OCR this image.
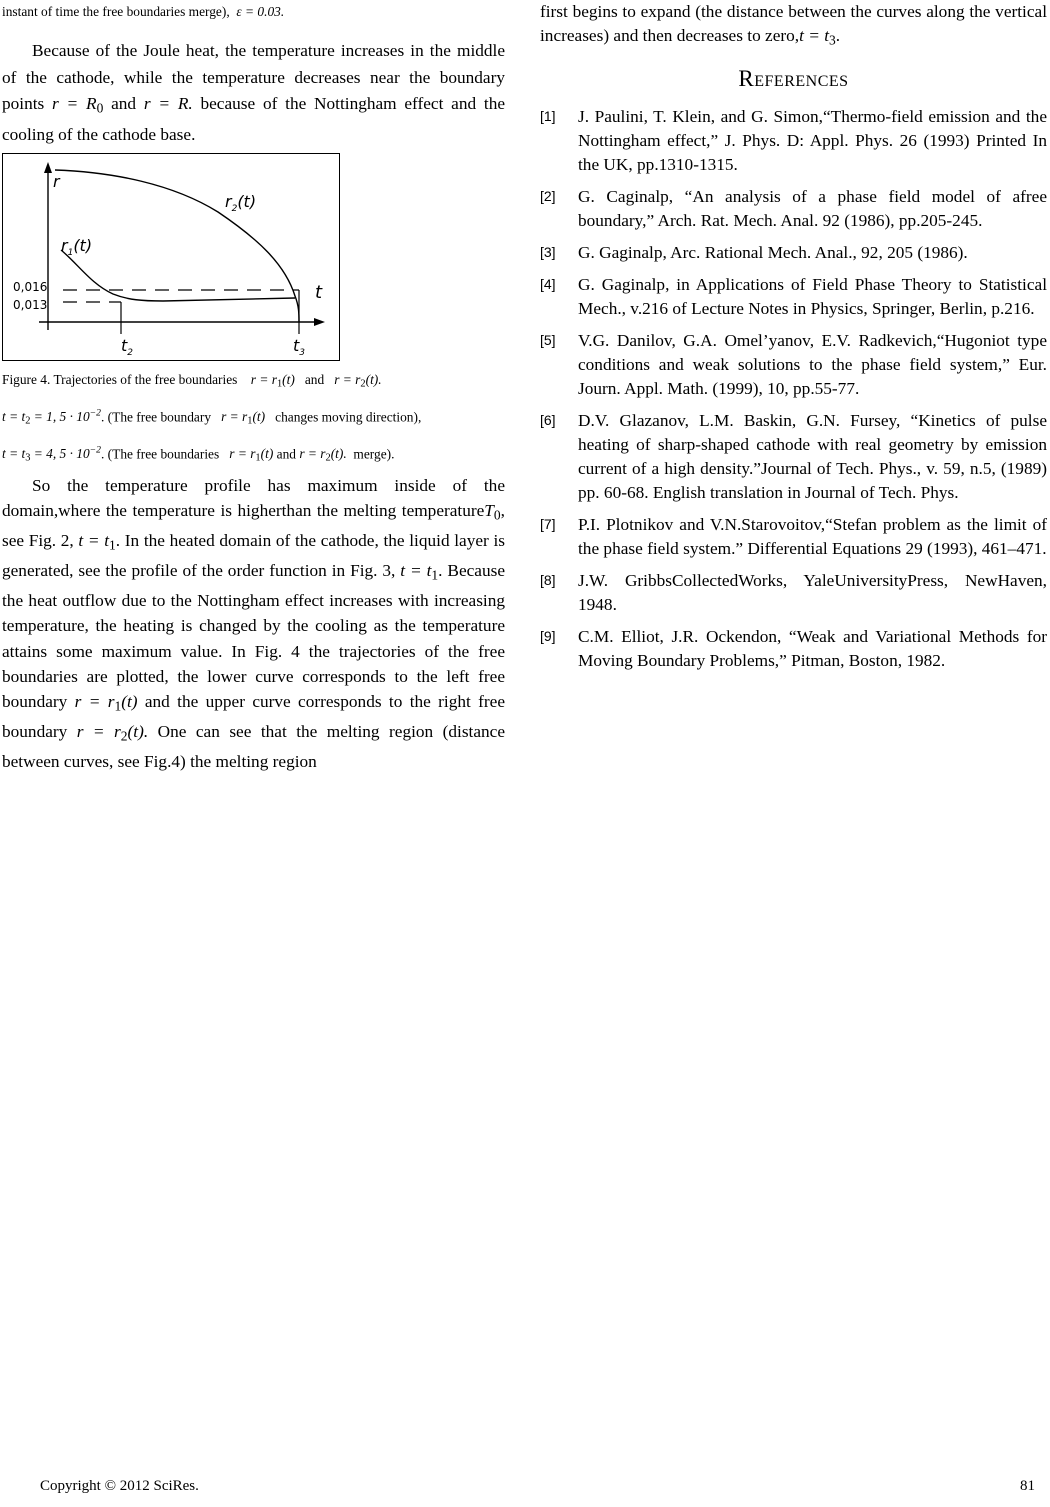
instant of time the free boundaries merge), ε = 0.03.

Because of the Joule heat, the temperature increases in the middle of the cathode, while the temperature decreases near the boundary points $r = R_0$ and r = R. because of the Nottingham effect and the cooling of the cathode base.

r
t
$r_2(t)$
$r_1(t)$
0,016
0,013
$t_2$	$t_3$

Figure 4. Trajectories of the free boundaries $r = r_1(t)$ and $r = r_2(t)$.

$t = t_2 = 1$, $5 \cdot 10^{-2}$. (The free boundary $r = r_1(t)$ changes moving direction),

$t = t_3 = 4$, $5 \cdot 10^{-2}$. (The free boundaries $r = r_1(t)$ and $r = r_2(t)$. merge).

So the temperature profile has maximum inside of the domain,where the temperature is higherthan the melting temperatureT$_0$, see Fig. 2, $t = t_1$. In the heated domain of the cathode, the liquid layer is generated, see the profile of the order function in Fig. 3, $t = t_1$. Because the heat outflow due to the Nottingham effect increases with increasing temperature, the heating is changed by the cooling as the temperature attains some maximum value. In Fig. 4 the trajectories of the free boundaries are plotted, the lower curve corresponds to the left free boundary $r = r_1(t)$ and the upper curve corresponds to the right free boundary $r = r_2(t)$. One can see that the melting region (distance between curves, see Fig.4) the melting region

first begins to expand (the distance between the curves along the vertical increases) and then decreases to zero,t = $t_3$.

References
[1]	J. Paulini, T. Klein, and G. Simon,“Thermo-field emission and the Nottingham effect,” J. Phys. D: Appl. Phys. 26 (1993) Printed In the UK, pp.1310-1315.
[2]	G. Caginalp, “An analysis of a phase field model of afree boundary,” Arch. Rat. Mech. Anal. 92 (1986), pp.205-245.
[3]	G. Gaginalp, Arc. Rational Mech. Anal., 92, 205 (1986).
[4]	G. Gaginalp, in Applications of Field Phase Theory to Statistical Mech., v.216 of Lecture Notes in Physics, Springer, Berlin, p.216.
[5]	V.G. Danilov, G.A. Omel’yanov, E.V. Radkevich,“Hugoniot type conditions and weak solutions to the phase field system,” Eur. Journ. Appl. Math. (1999), 10, pp.55-77.
[6]	D.V. Glazanov, L.M. Baskin, G.N. Fursey, “Kinetics of pulse heating of sharp-shaped cathode with real geometry by emission current of a high density.”Journal of Tech. Phys., v. 59, n.5, (1989) pp. 60-68. English translation in Journal of Tech. Phys.
[7]	P.I. Plotnikov and V.N.Starovoitov,“Stefan problem as the limit of the phase field system.” Differential Equations 29 (1993), 461–471.
[8]	J.W. GribbsCollectedWorks, YaleUniversityPress, NewHaven, 1948.
[9]	C.M. Elliot, J.R. Ockendon, “Weak and Variational Methods for Moving Boundary Problems,” Pitman, Boston, 1982.
Copyright © 2012 SciRes.	81
